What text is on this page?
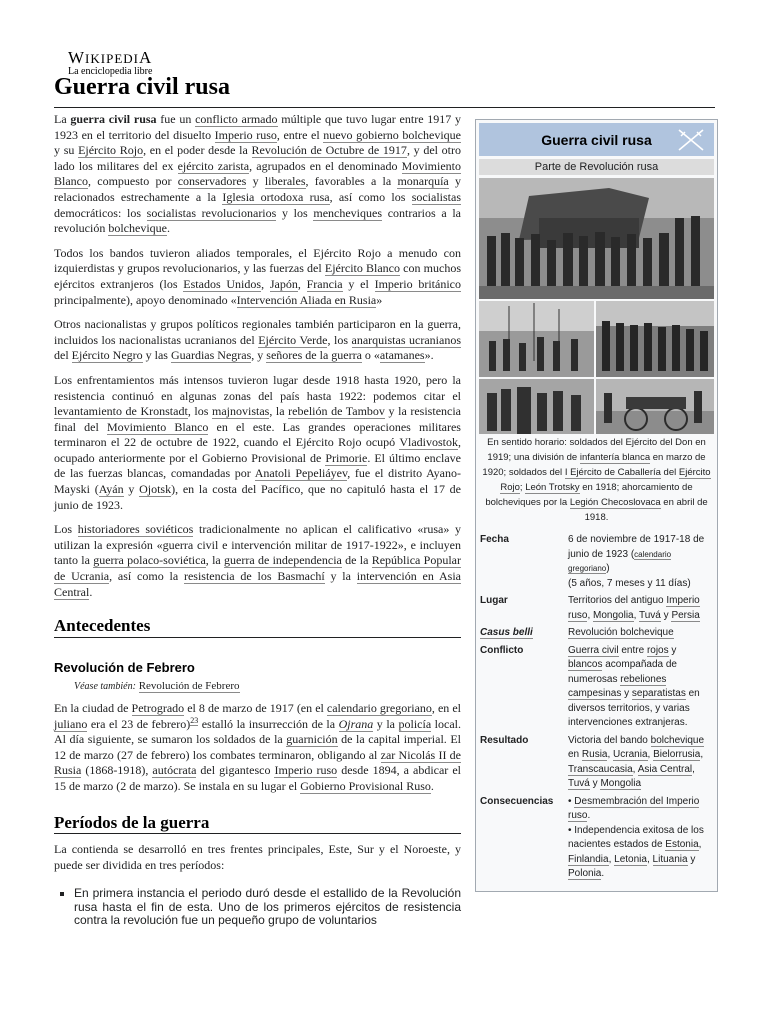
WIKIPEDIA
La enciclopedia libre
Guerra civil rusa

La guerra civil rusa fue un conflicto armado múltiple que tuvo lugar entre 1917 y 1923 en el territorio del disuelto Imperio ruso, entre el nuevo gobierno bolchevique y su Ejército Rojo, en el poder desde la Revolución de Octubre de 1917, y del otro lado los militares del ex ejército zarista, agrupados en el denominado Movimiento Blanco, compuesto por conservadores y liberales, favorables a la monarquía y relacionados estrechamente a la Iglesia ortodoxa rusa, así como los socialistas democráticos: los socialistas revolucionarios y los mencheviques contrarios a la revolución bolchevique.

Todos los bandos tuvieron aliados temporales, el Ejército Rojo a menudo con izquierdistas y grupos revolucionarios, y las fuerzas del Ejército Blanco con muchos ejércitos extranjeros (los Estados Unidos, Japón, Francia y el Imperio británico principalmente), apoyo denominado «Intervención Aliada en Rusia»

Otros nacionalistas y grupos políticos regionales también participaron en la guerra, incluidos los nacionalistas ucranianos del Ejército Verde, los anarquistas ucranianos del Ejército Negro y las Guardias Negras, y señores de la guerra o «atamanes».

Los enfrentamientos más intensos tuvieron lugar desde 1918 hasta 1920, pero la resistencia continuó en algunas zonas del país hasta 1922: podemos citar el levantamiento de Kronstadt, los majnovistas, la rebelión de Tambov y la resistencia final del Movimiento Blanco en el este. Las grandes operaciones militares terminaron el 22 de octubre de 1922, cuando el Ejército Rojo ocupó Vladivostok, ocupado anteriormente por el Gobierno Provisional de Primorie. El último enclave de las fuerzas blancas, comandadas por Anatoli Pepeliáyev, fue el distrito Ayano-Mayski (Ayán y Ojotsk), en la costa del Pacífico, que no capituló hasta el 17 de junio de 1923.

Los historiadores soviéticos tradicionalmente no aplican el calificativo «rusa» y utilizan la expresión «guerra civil e intervención militar de 1917-1922», e incluyen tanto la guerra polaco-soviética, la guerra de independencia de la República Popular de Ucrania, así como la resistencia de los Basmachí y la intervención en Asia Central.

Antecedentes
Revolución de Febrero
Véase también: Revolución de Febrero

En la ciudad de Petrogrado el 8 de marzo de 1917 (en el calendario gregoriano, en el juliano era el 23 de febrero)$^{23}$ estalló la insurrección de la Ojrana y la policía local. Al día siguiente, se sumaron los soldados de la guarnición de la capital imperial. El 12 de marzo (27 de febrero) los combates terminaron, obligando al zar Nicolás II de Rusia (1868-1918), autócrata del gigantesco Imperio ruso desde 1894, a abdicar el 15 de marzo (2 de marzo). Se instala en su lugar el Gobierno Provisional Ruso.

Períodos de la guerra

La contienda se desarrolló en tres frentes principales, Este, Sur y el Noroeste, y puede ser dividida en tres períodos:

▪ En primera instancia el periodo duró desde el estallido de la Revolución rusa hasta el fin de esta. Uno de los primeros ejércitos de resistencia contra la revolución fue un pequeño grupo de voluntarios
Guerra civil rusa
Parte de Revolución rusa
En sentido horario: soldados del Ejército del Don en 1919; una división de infantería blanca en marzo de 1920; soldados del I Ejército de Caballería del Ejército Rojo; León Trotsky en 1918; ahorcamiento de bolcheviques por la Legión Checoslovaca en abril de 1918.
Fecha	6 de noviembre de 1917-18 de junio de 1923 (calendario gregoriano)
(5 años, 7 meses y 11 días)
Lugar	Territorios del antiguo Imperio ruso, Mongolia, Tuvá y Persia
Casus belli	Revolución bolchevique
Conflicto	Guerra civil entre rojos y blancos acompañada de numerosas rebeliones campesinas y separatistas en diversos territorios, y varias intervenciones extranjeras.
Resultado	Victoria del bando bolchevique en Rusia, Ucrania, Bielorrusia, Transcaucasia, Asia Central, Tuvá y Mongolia
Consecuencias	• Desmembración del Imperio ruso.
• Independencia exitosa de los nacientes estados de Estonia, Finlandia, Letonia, Lituania y Polonia.
